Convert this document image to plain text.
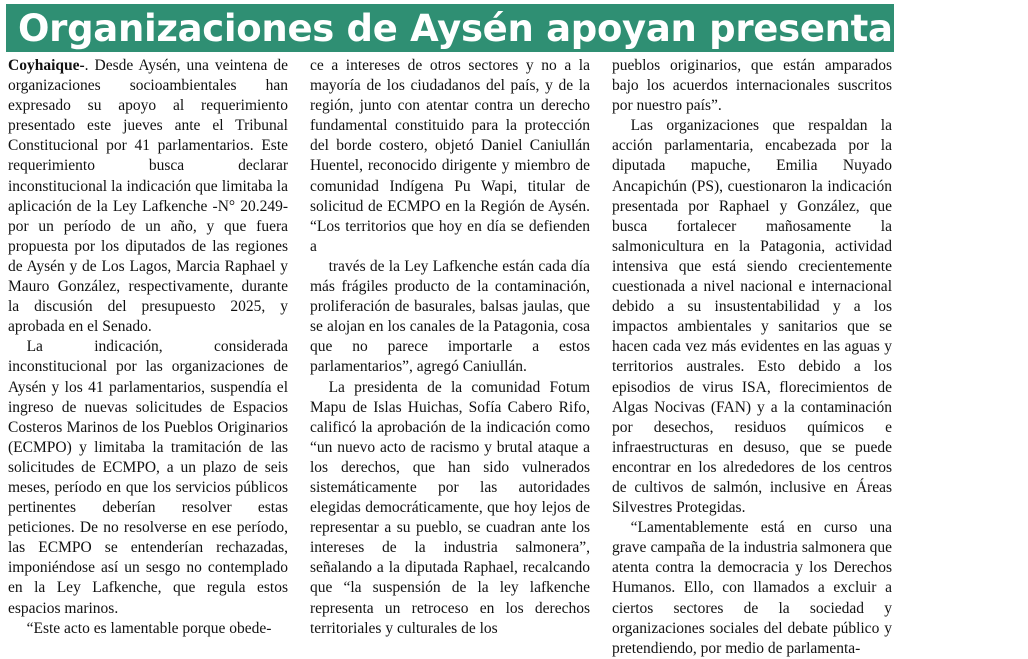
Organizaciones de Aysén apoyan presentación al

Coyhaique-. Desde Aysén, una veintena de organizaciones socioambientales han expresado su apoyo al requerimiento presentado este jueves ante el Tribunal Constitucional por 41 parlamentarios. Este requerimiento busca declarar inconstitucional la indicación que limitaba la aplicación de la Ley Lafkenche -N° 20.249- por un período de un año, y que fuera propuesta por los diputados de las regiones de Aysén y de Los Lagos, Marcia Raphael y Mauro González, respectivamente, durante la discusión del presupuesto 2025, y aprobada en el Senado.

La indicación, considerada inconstitucional por las organizaciones de Aysén y los 41 parlamentarios, suspendía el ingreso de nuevas solicitudes de Espacios Costeros Marinos de los Pueblos Originarios (ECMPO) y limitaba la tramitación de las solicitudes de ECMPO, a un plazo de seis meses, período en que los servicios públicos pertinentes deberían resolver estas peticiones. De no resolverse en ese período, las ECMPO se entenderían rechazadas, imponiéndose así un sesgo no contemplado en la Ley Lafkenche, que regula estos espacios marinos.

“Este acto es lamentable porque obede-

ce a intereses de otros sectores y no a la mayoría de los ciudadanos del país, y de la región, junto con atentar contra un derecho fundamental constituido para la protección del borde costero, objetó Daniel Caniullán Huentel, reconocido dirigente y miembro de comunidad Indígena Pu Wapi, titular de solicitud de ECMPO en la Región de Aysén. “Los territorios que hoy en día se defienden a

través de la Ley Lafkenche están cada día más frágiles producto de la contaminación, proliferación de basurales, balsas jaulas, que se alojan en los canales de la Patagonia, cosa que no parece importarle a estos parlamentarios”, agregó Caniullán.

La presidenta de la comunidad Fotum Mapu de Islas Huichas, Sofía Cabero Rifo, calificó la aprobación de la indicación como “un nuevo acto de racismo y brutal ataque a los derechos, que han sido vulnerados sistemáticamente por las autoridades elegidas democráticamente, que hoy lejos de representar a su pueblo, se cuadran ante los intereses de la industria salmonera”, señalando a la diputada Raphael, recalcando que “la suspensión de la ley lafkenche representa un retroceso en los derechos territoriales y culturales de los

pueblos originarios, que están amparados bajo los acuerdos internacionales suscritos por nuestro país”.

Las organizaciones que respaldan la acción parlamentaria, encabezada por la diputada mapuche, Emilia Nuyado Ancapichún (PS), cuestionaron la indicación presentada por Raphael y González, que busca fortalecer mañosamente la salmonicultura en la Patagonia, actividad intensiva que está siendo crecientemente cuestionada a nivel nacional e internacional debido a su insustentabilidad y a los impactos ambientales y sanitarios que se hacen cada vez más evidentes en las aguas y territorios australes. Esto debido a los episodios de virus ISA, florecimientos de Algas Nocivas (FAN) y a la contaminación por desechos, residuos químicos e infraestructuras en desuso, que se puede encontrar en los alrededores de los centros de cultivos de salmón, inclusive en Áreas Silvestres Protegidas.

“Lamentablemente está en curso una grave campaña de la industria salmonera que atenta contra la democracia y los Derechos Humanos. Ello, con llamados a excluir a ciertos sectores de la sociedad y organizaciones sociales del debate público y pretendiendo, por medio de parlamenta-
